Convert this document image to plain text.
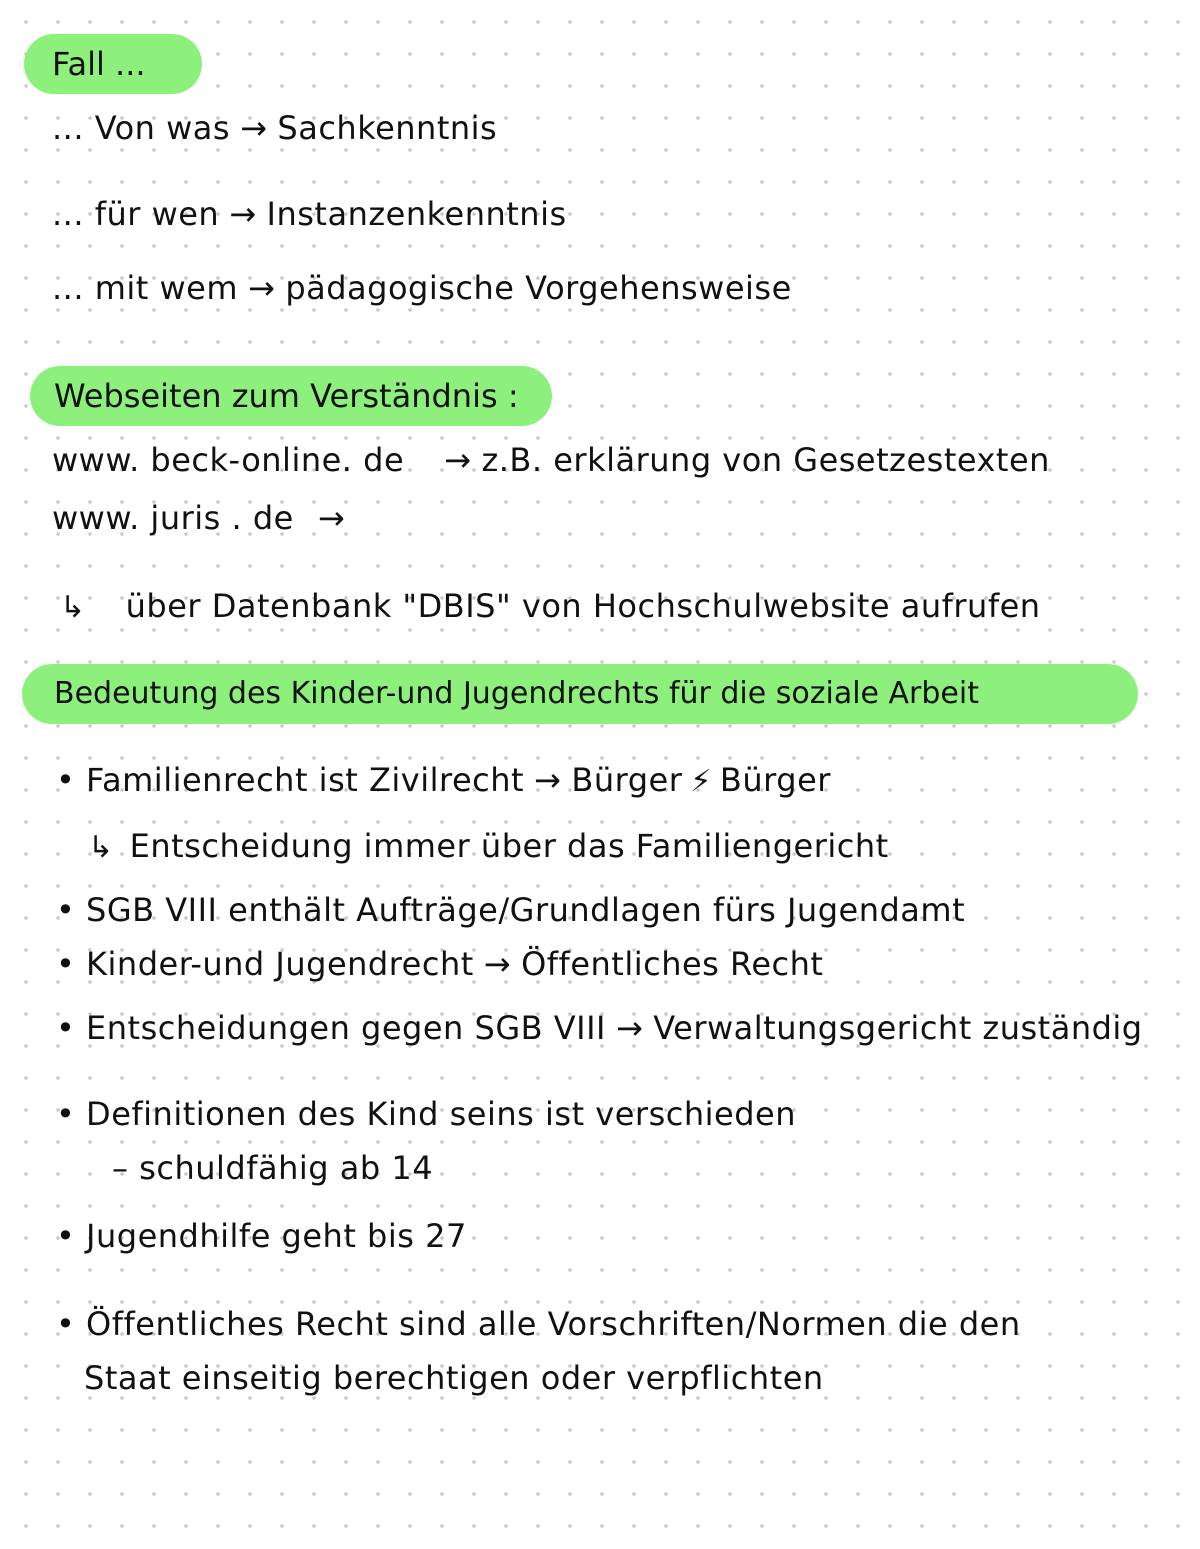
Fall ...
... Von was → Sachkenntnis
... für wen → Instanzenkenntnis
... mit wem → pädagogische Vorgehensweise
Webseiten zum Verständnis :
www. beck-online. de → z.B. erklärung von Gesetzestexten
www. juris . de →
↳ über Datenbank "DBIS" von Hochschulwebsite aufrufen
Bedeutung des Kinder-und Jugendrechts für die soziale Arbeit
• Familienrecht ist Zivilrecht → Bürger ⚡ Bürger
↳ Entscheidung immer über das Familiengericht
• SGB VIII enthält Aufträge/Grundlagen fürs Jugendamt
• Kinder-und Jugendrecht → Öffentliches Recht
• Entscheidungen gegen SGB VIII → Verwaltungsgericht zuständig
• Definitionen des Kind seins ist verschieden
– schuldfähig ab 14
• Jugendhilfe geht bis 27
• Öffentliches Recht sind alle Vorschriften/Normen die den
Staat einseitig berechtigen oder verpflichten
